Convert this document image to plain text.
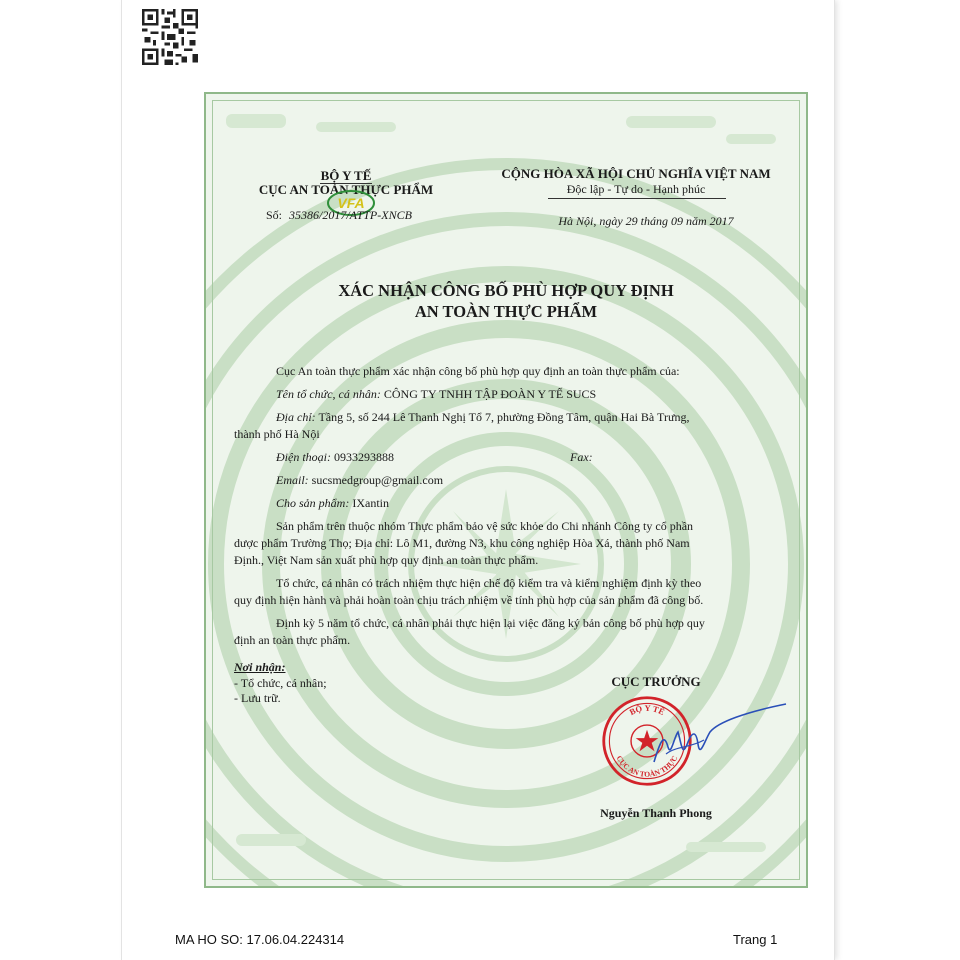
BỘ Y TẾ
CỤC AN TOÀN THỰC PHẨM
VFA
Số: 35386/2017/ATTP-XNCB
CỘNG HÒA XÃ HỘI CHỦ NGHĨA VIỆT NAM
Độc lập - Tự do - Hạnh phúc
Hà Nội, ngày 29 tháng 09 năm 2017
XÁC NHẬN CÔNG BỐ PHÙ HỢP QUY ĐỊNH
AN TOÀN THỰC PHẨM
Cục An toàn thực phẩm xác nhận công bố phù hợp quy định an toàn thực phẩm của:
Tên tổ chức, cá nhân: CÔNG TY TNHH TẬP ĐOÀN Y TẾ SUCS
Địa chỉ: Tầng 5, số 244 Lê Thanh Nghị Tổ 7, phường Đồng Tâm, quận Hai Bà Trưng,
thành phố Hà Nội
Điện thoại: 0933293888	Fax:
Email: sucsmedgroup@gmail.com
Cho sản phẩm: IXantin
Sản phẩm trên thuộc nhóm Thực phẩm bảo vệ sức khỏe do Chi nhánh Công ty cổ phần
dược phẩm Trường Thọ; Địa chỉ: Lô M1, đường N3, khu công nghiệp Hòa Xá, thành phố Nam
Định., Việt Nam sản xuất phù hợp quy định an toàn thực phẩm.
Tổ chức, cá nhân có trách nhiệm thực hiện chế độ kiểm tra và kiểm nghiệm định kỳ theo
quy định hiện hành và phải hoàn toàn chịu trách nhiệm về tính phù hợp của sản phẩm đã công bố.
Định kỳ 5 năm tổ chức, cá nhân phải thực hiện lại việc đăng ký bản công bố phù hợp quy
định an toàn thực phẩm.
Nơi nhận:
- Tổ chức, cá nhân;
- Lưu trữ.
CỤC TRƯỞNG
BỘ Y TẾ
CỤC AN TOÀN THỰC
Nguyễn Thanh Phong
MA HO SO: 17.06.04.224314	Trang 1
